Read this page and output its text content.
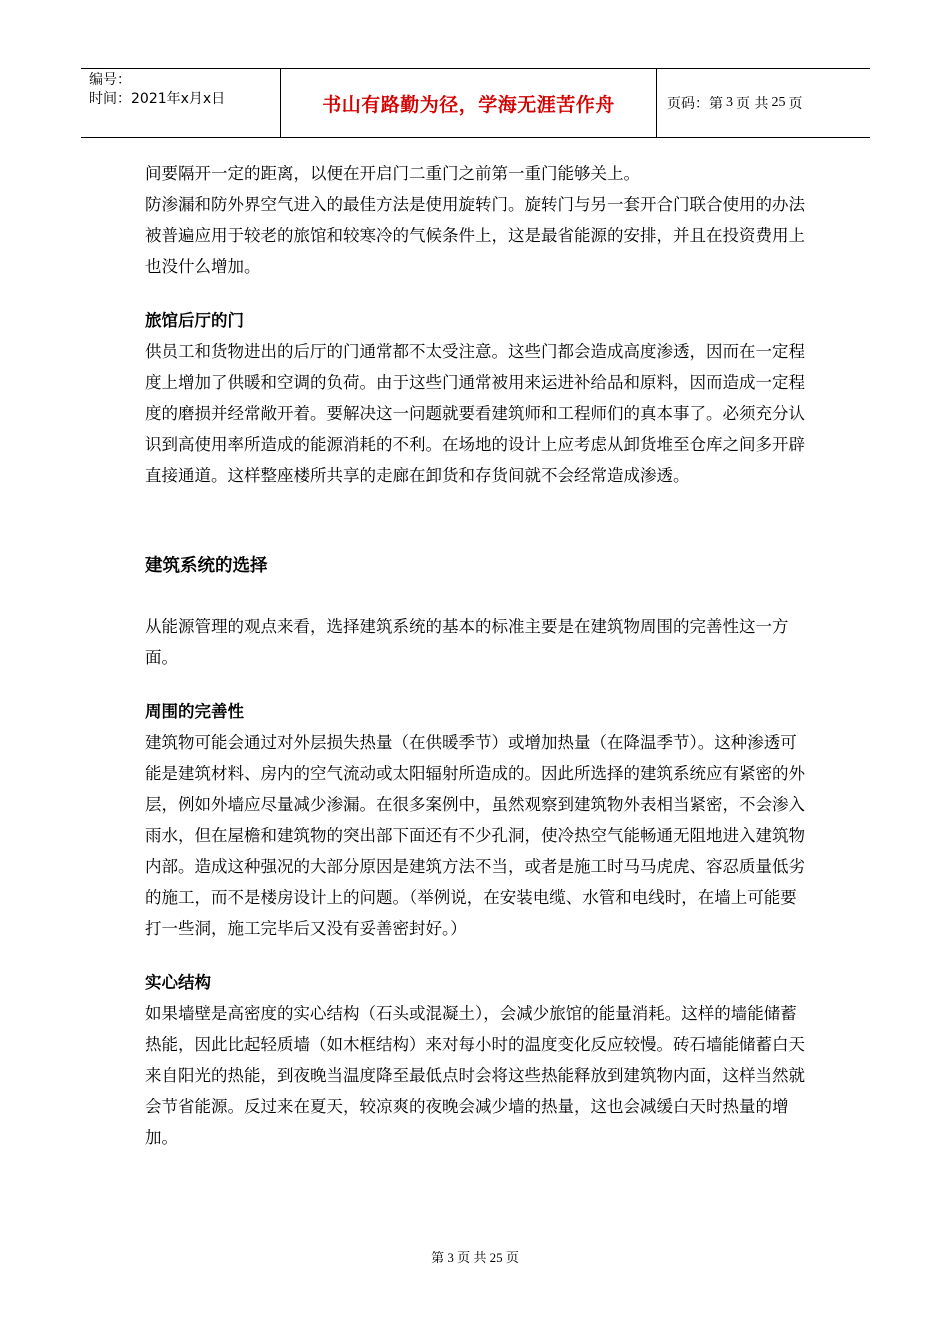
编号：
时间：2021年x月x日	书山有路勤为径，学海无涯苦作舟	页码：第 3 页 共 25 页

间要隔开一定的距离，以便在开启门二重门之前第一重门能够关上。

防渗漏和防外界空气进入的最佳方法是使用旋转门。旋转门与另一套开合门联合使用的办法被普遍应用于较老的旅馆和较寒冷的气候条件上，这是最省能源的安排，并且在投资费用上也没什么增加。

旅馆后厅的门

供员工和货物进出的后厅的门通常都不太受注意。这些门都会造成高度渗透，因而在一定程度上增加了供暖和空调的负荷。由于这些门通常被用来运进补给品和原料，因而造成一定程度的磨损并经常敞开着。要解决这一问题就要看建筑师和工程师们的真本事了。必须充分认识到高使用率所造成的能源消耗的不利。在场地的设计上应考虑从卸货堆至仓库之间多开辟直接通道。这样整座楼所共享的走廊在卸货和存货间就不会经常造成渗透。

建筑系统的选择

从能源管理的观点来看，选择建筑系统的基本的标准主要是在建筑物周围的完善性这一方面。

周围的完善性

建筑物可能会通过对外层损失热量（在供暖季节）或增加热量（在降温季节）。这种渗透可能是建筑材料、房内的空气流动或太阳辐射所造成的。因此所选择的建筑系统应有紧密的外层，例如外墙应尽量减少渗漏。在很多案例中，虽然观察到建筑物外表相当紧密，不会渗入雨水，但在屋檐和建筑物的突出部下面还有不少孔洞，使冷热空气能畅通无阻地进入建筑物内部。造成这种强况的大部分原因是建筑方法不当，或者是施工时马马虎虎、容忍质量低劣的施工，而不是楼房设计上的问题。（举例说，在安装电缆、水管和电线时，在墙上可能要打一些洞，施工完毕后又没有妥善密封好。）

实心结构

如果墙壁是高密度的实心结构（石头或混凝土），会减少旅馆的能量消耗。这样的墙能储蓄热能，因此比起轻质墙（如木框结构）来对每小时的温度变化反应较慢。砖石墙能储蓄白天来自阳光的热能，到夜晚当温度降至最低点时会将这些热能释放到建筑物内面，这样当然就会节省能源。反过来在夏天，较凉爽的夜晚会减少墙的热量，这也会减缓白天时热量的增加。

第 3 页 共 25 页
